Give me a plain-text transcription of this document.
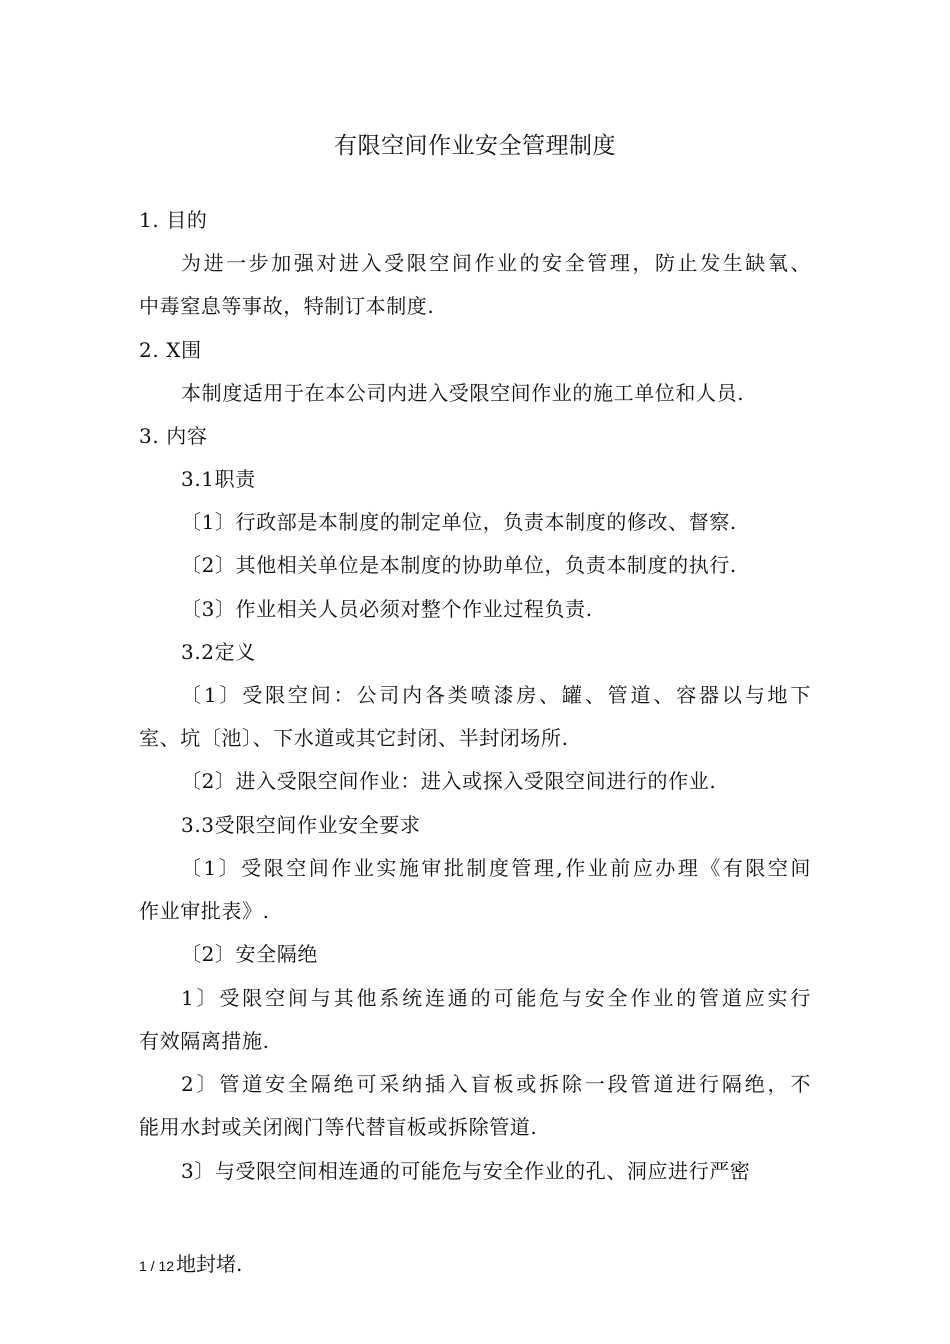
有限空间作业安全管理制度
1. 目的
为进一步加强对进入受限空间作业的安全管理，防止发生缺氧、
中毒窒息等事故，特制订本制度.
2. X围
本制度适用于在本公司内进入受限空间作业的施工单位和人员.
3. 内容
3.1职责
〔1〕行政部是本制度的制定单位，负责本制度的修改、督察.
〔2〕其他相关单位是本制度的协助单位，负责本制度的执行.
〔3〕作业相关人员必须对整个作业过程负责.
3.2定义
〔1〕受限空间：公司内各类喷漆房、罐、管道、容器以与地下
室、坑〔池〕、下水道或其它封闭、半封闭场所.
〔2〕进入受限空间作业：进入或探入受限空间进行的作业.
3.3受限空间作业安全要求
〔1〕受限空间作业实施审批制度管理,作业前应办理《有限空间
作业审批表》.
〔2〕安全隔绝
1〕受限空间与其他系统连通的可能危与安全作业的管道应实行
有效隔离措施.
2〕管道安全隔绝可采纳插入盲板或拆除一段管道进行隔绝，不
能用水封或关闭阀门等代替盲板或拆除管道.
3〕与受限空间相连通的可能危与安全作业的孔、洞应进行严密
1 / 12 地封堵.
